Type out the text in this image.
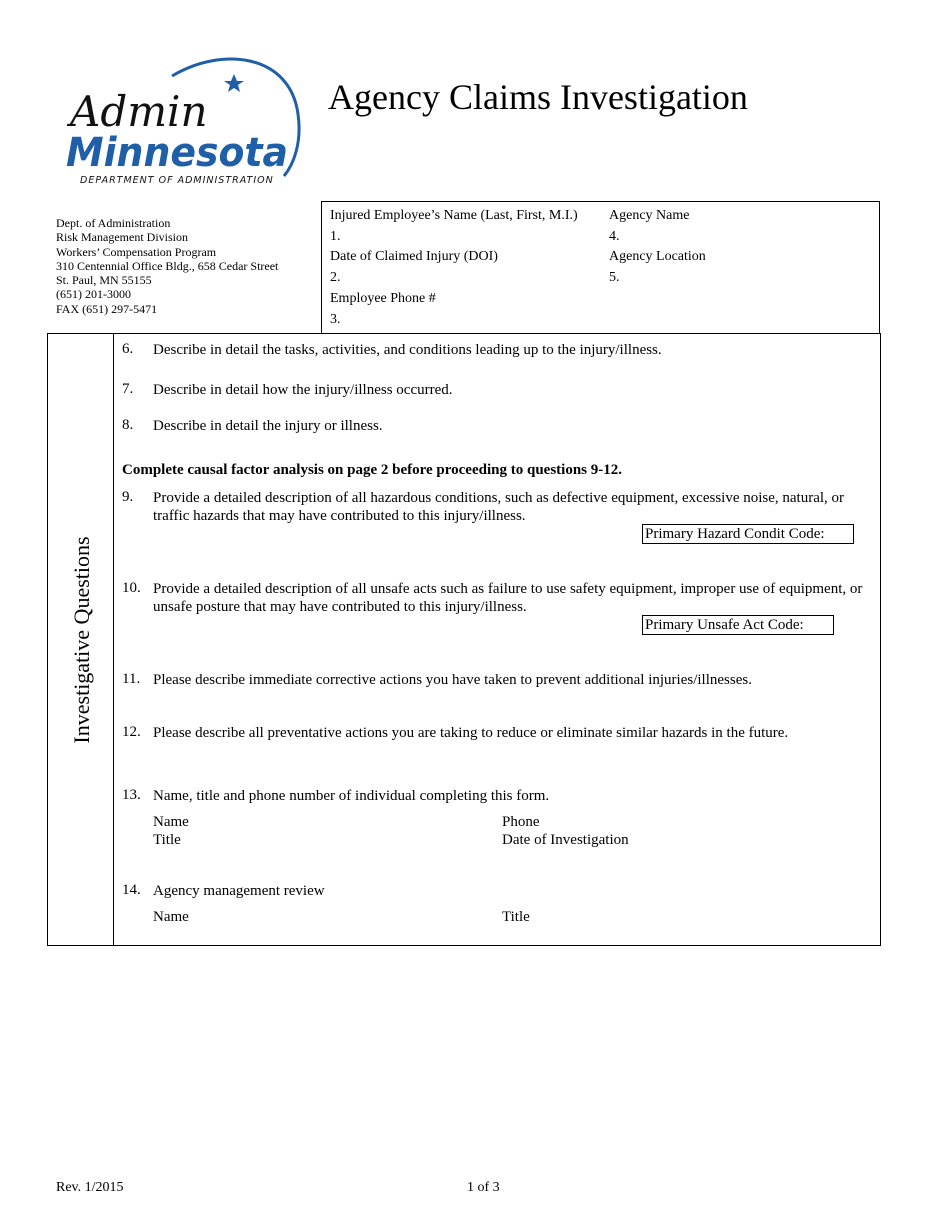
Admin
Minnesota
DEPARTMENT OF ADMINISTRATION
Agency Claims Investigation
Dept. of Administration
Risk Management Division
Workers’ Compensation Program
310 Centennial Office Bldg., 658 Cedar Street
St. Paul, MN 55155
(651) 201-3000
FAX (651) 297-5471
Injured Employee’s Name (Last, First, M.I.)
1.
Date of Claimed Injury (DOI)
2.
Employee Phone #
3.
Agency Name
4.
Agency Location
5.
Investigative Questions
6. Describe in detail the tasks, activities, and conditions leading up to the injury/illness.
7. Describe in detail how the injury/illness occurred.
8. Describe in detail the injury or illness.
Complete causal factor analysis on page 2 before proceeding to questions 9-12.
9. Provide a detailed description of all hazardous conditions, such as defective equipment, excessive noise, natural, or traffic hazards that may have contributed to this injury/illness.
Primary Hazard Condit Code:
10. Provide a detailed description of all unsafe acts such as failure to use safety equipment, improper use of equipment, or unsafe posture that may have contributed to this injury/illness.
Primary Unsafe Act Code:
11. Please describe immediate corrective actions you have taken to prevent additional injuries/illnesses.
12. Please describe all preventative actions you are taking to reduce or eliminate similar hazards in the future.
13. Name, title and phone number of individual completing this form.
Name	Phone
Title	Date of Investigation
14. Agency management review
Name	Title
Rev. 1/2015	1 of 3
